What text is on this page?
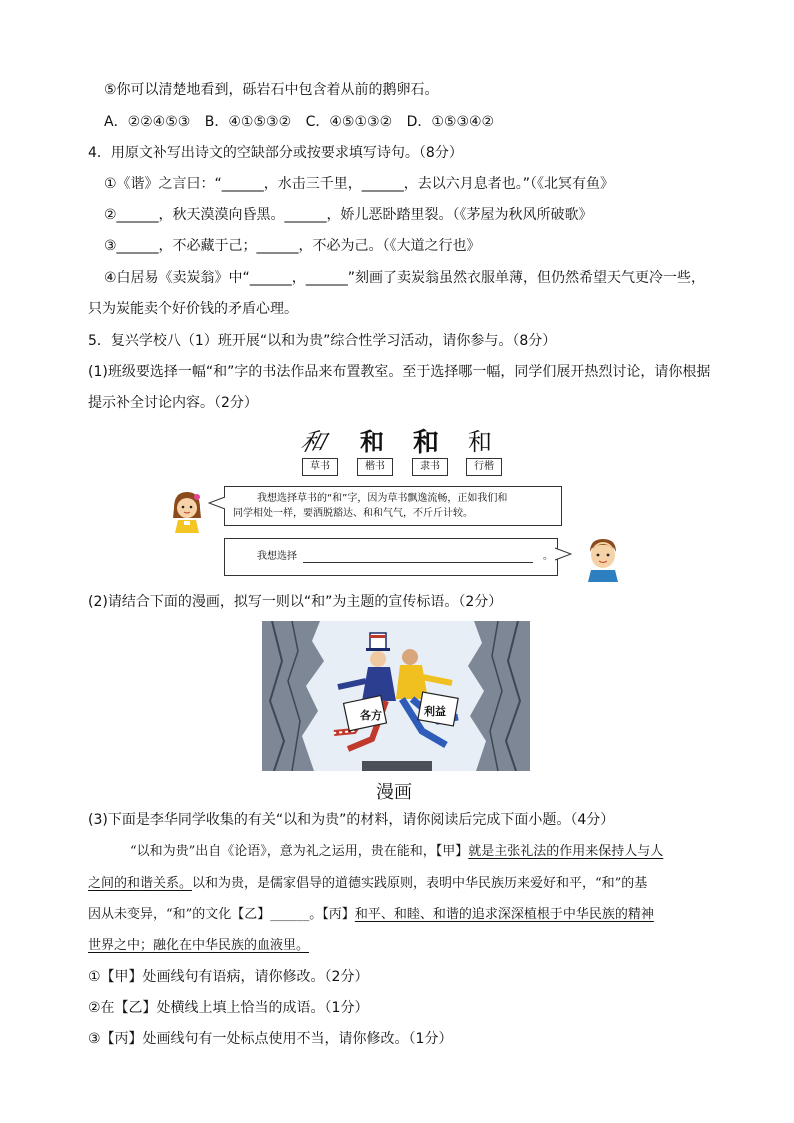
⑤你可以清楚地看到，砾岩石中包含着从前的鹅卵石。
A．②②④⑤③ B．④①⑤③② C．④⑤①③② D．①⑤③④②
4．用原文补写出诗文的空缺部分或按要求填写诗句。（8分）
①《谐》之言曰：“______，水击三千里，______，去以六月息者也。”（《北冥有鱼》
②______，秋天漠漠向昏黑。______，娇儿恶卧踏里裂。（《茅屋为秋风所破歌》
③______，不必藏于己；______，不必为己。（《大道之行也》
④白居易《卖炭翁》中“______，______”刻画了卖炭翁虽然衣服单薄，但仍然希望天气更冷一些，
只为炭能卖个好价钱的矛盾心理。
5．复兴学校八（1）班开展“以和为贵”综合性学习活动，请你参与。（8分）
(1)班级要选择一幅“和”字的书法作品来布置教室。至于选择哪一幅，同学们展开热烈讨论，请你根据
提示补全讨论内容。（2分）
和 和 和 和
草书	楷书	隶书	行楷
我想选择草书的“和”字，因为草书飘逸流畅，正如我们和
同学相处一样，要洒脱豁达、和和气气，不斤斤计较。
我想选择	。
(2)请结合下面的漫画，拟写一则以“和”为主题的宣传标语。（2分）
各方	利益
漫画
(3)下面是李华同学收集的有关“以和为贵”的材料，请你阅读后完成下面小题。（4分）
“以和为贵”出自《论语》，意为礼之运用，贵在能和，【甲】就是主张礼法的作用来保持人与人
之间的和谐关系。以和为贵，是儒家倡导的道德实践原则，表明中华民族历来爱好和平，“和”的基
因从未变异，“和”的文化【乙】______。【丙】和平、和睦、和谐的追求深深植根于中华民族的精神
世界之中；融化在中华民族的血液里。
①【甲】处画线句有语病，请你修改。（2分）
②在【乙】处横线上填上恰当的成语。（1分）
③【丙】处画线句有一处标点使用不当，请你修改。（1分）
